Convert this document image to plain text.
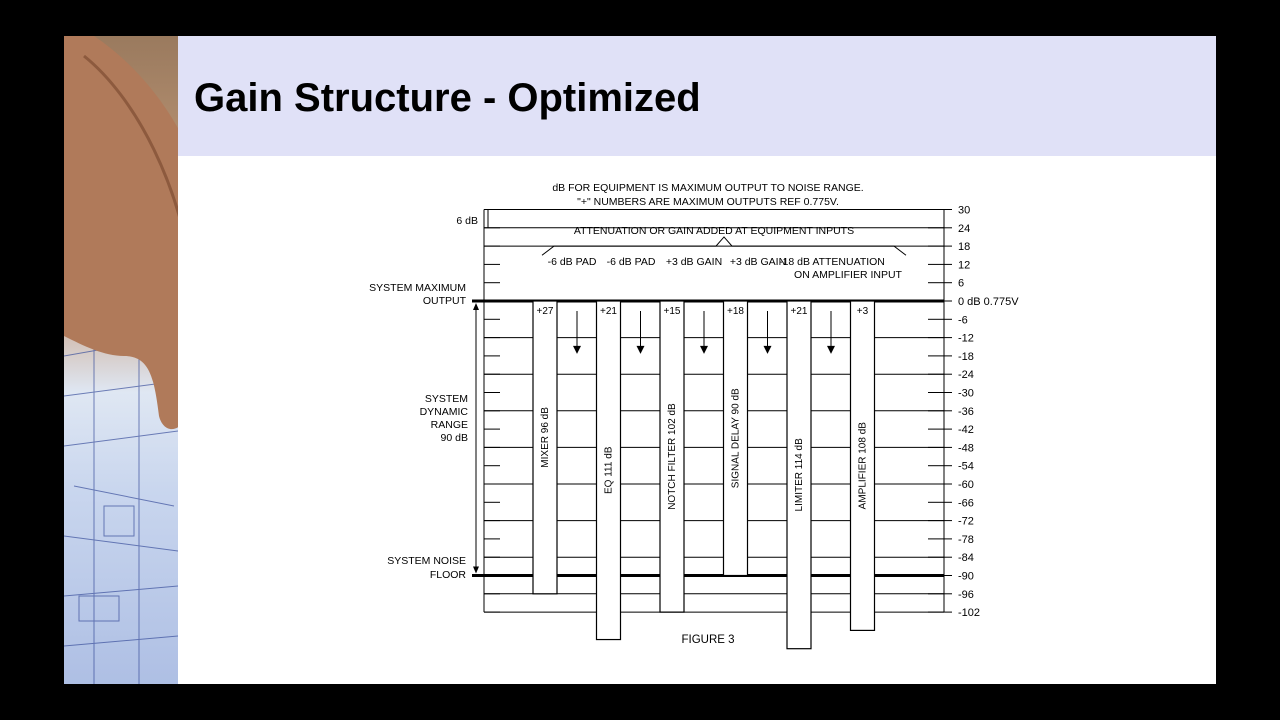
Gain Structure - Optimized
+27
MIXER 96 dB
+21
EQ 111 dB
+15
NOTCH FILTER 102 dB
+18
SIGNAL DELAY 90 dB
+21
LIMITER 114 dB
+3
AMPLIFIER 108 dB
30
24
18
12
6
0 dB 0.775V
-6
-12
-18
-24
-30
-36
-42
-48
-54
-60
-66
-72
-78
-84
-90
-96
-102
dB FOR EQUIPMENT IS MAXIMUM OUTPUT TO NOISE RANGE.
"+" NUMBERS ARE MAXIMUM OUTPUTS REF 0.775V.
6 dB
ATTENUATION OR GAIN ADDED AT EQUIPMENT INPUTS
-6 dB PAD -6 dB PAD +3 dB GAIN +3 dB GAIN
-18 dB ATTENUATION
ON AMPLIFIER INPUT
SYSTEM MAXIMUM
OUTPUT
SYSTEM
DYNAMIC
RANGE
90 dB
SYSTEM NOISE
FLOOR
FIGURE 3
